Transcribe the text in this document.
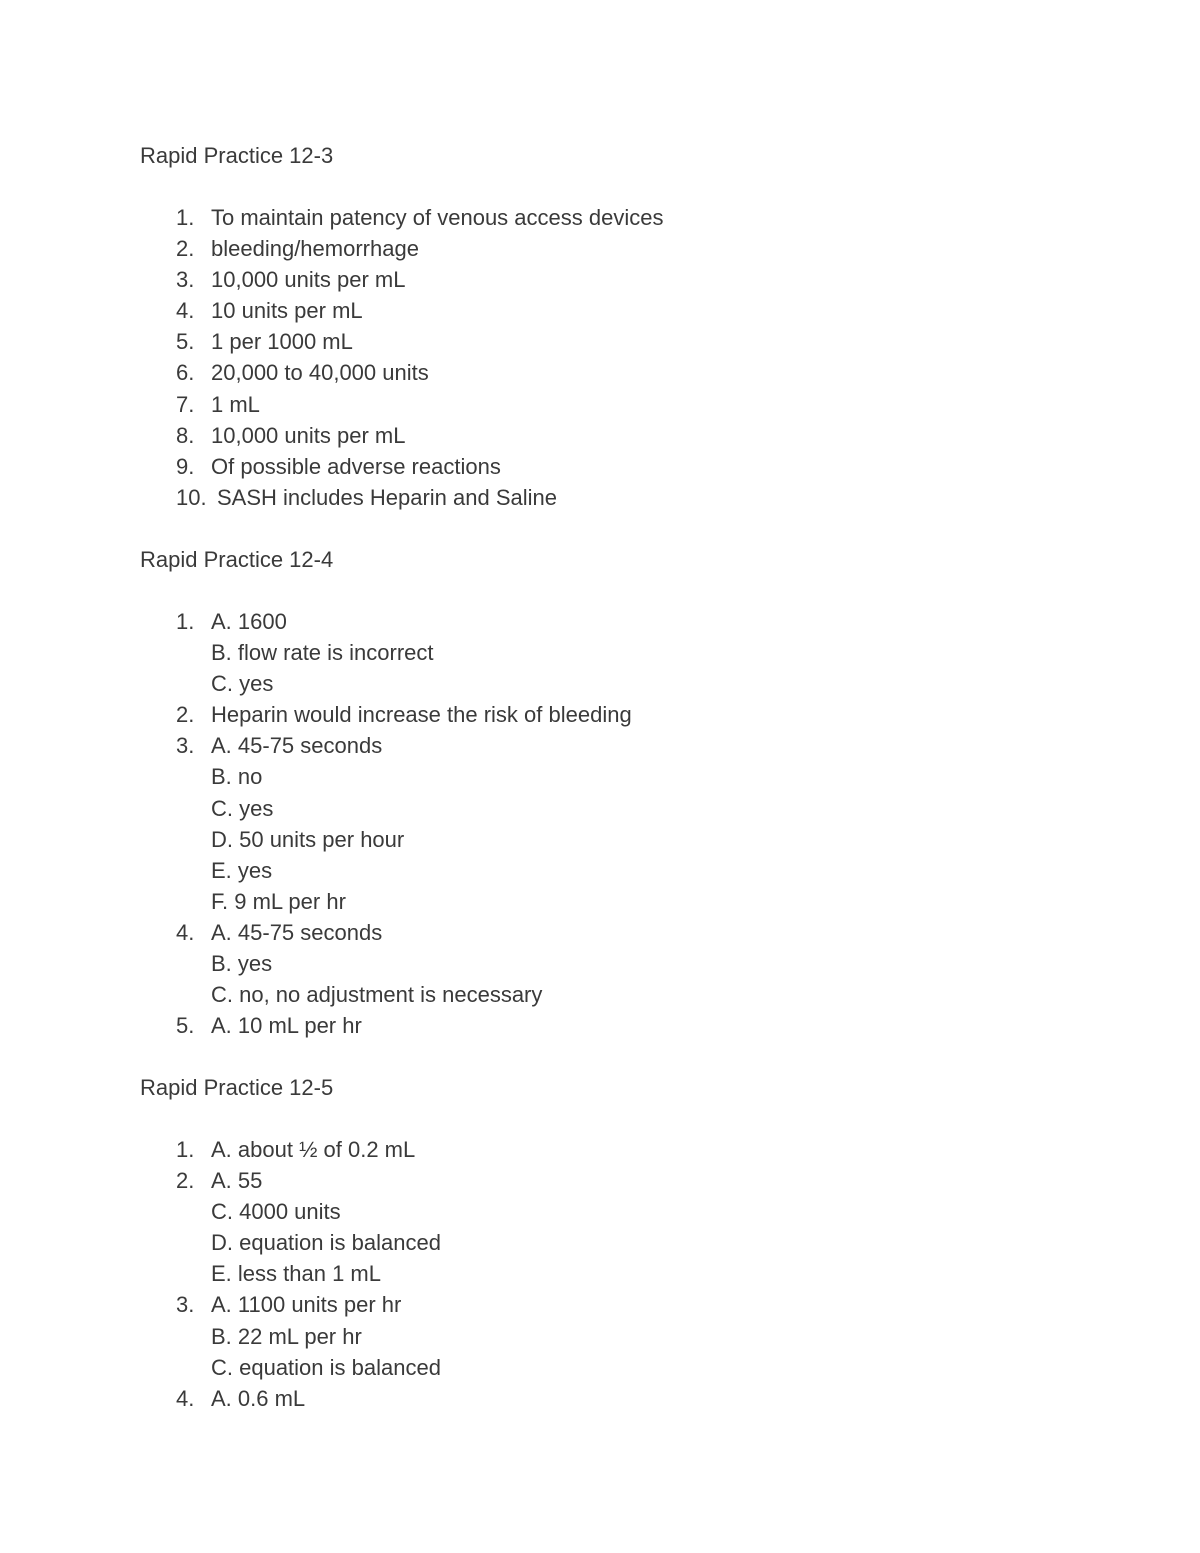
Rapid Practice 12-3
1. To maintain patency of venous access devices
2. bleeding/hemorrhage
3. 10,000 units per mL
4. 10 units per mL
5. 1 per 1000 mL
6. 20,000 to 40,000 units
7. 1 mL
8. 10,000 units per mL
9. Of possible adverse reactions
10. SASH includes Heparin and Saline
Rapid Practice 12-4
1. A. 1600
B. flow rate is incorrect
C. yes
2. Heparin would increase the risk of bleeding
3. A. 45-75 seconds
B. no
C. yes
D. 50 units per hour
E. yes
F. 9 mL per hr
4. A. 45-75 seconds
B. yes
C. no, no adjustment is necessary
5. A. 10 mL per hr
Rapid Practice 12-5
1. A. about ½ of 0.2 mL
2. A. 55
C. 4000 units
D. equation is balanced
E. less than 1 mL
3. A. 1100 units per hr
B. 22 mL per hr
C. equation is balanced
4. A. 0.6 mL
